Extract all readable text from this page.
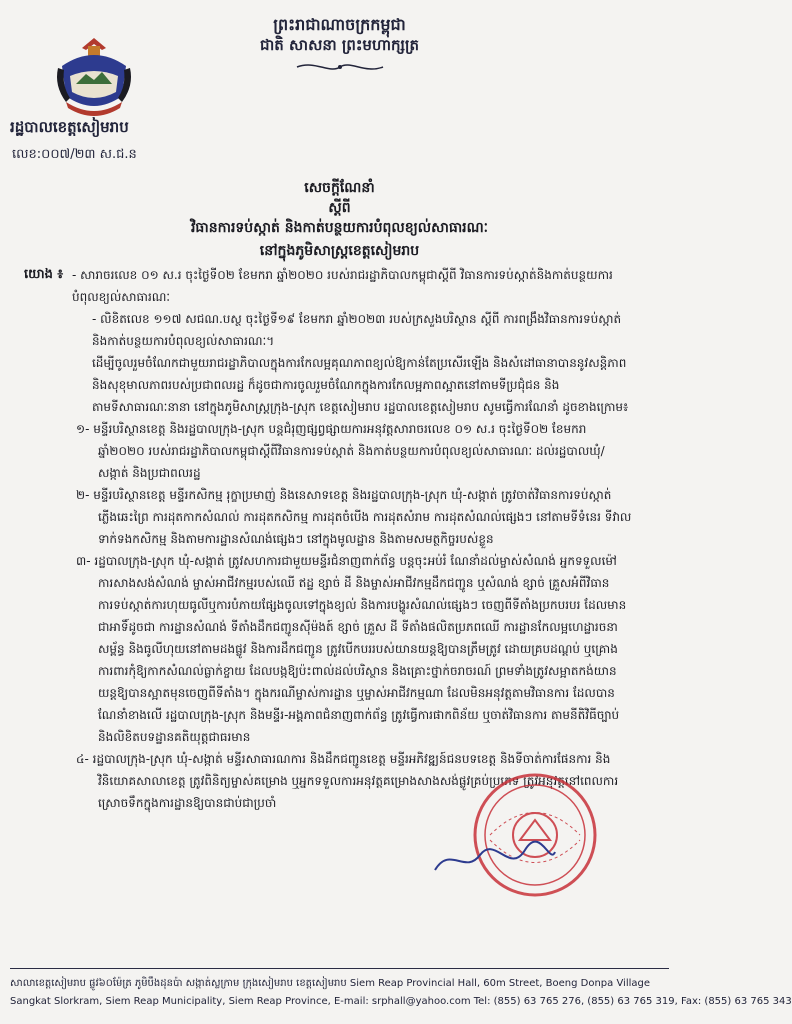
ព្រះរាជាណាចក្រកម្ពុជា
ជាតិ សាសនា ព្រះមហាក្សត្រ
រដ្ឋបាលខេត្តសៀមរាប
លេខ:០០៧/២៣ ស.ជ.ន
សេចក្ដីណែនាំ
ស្ដីពី
វិធានការទប់ស្កាត់ និងកាត់បន្ថយការបំពុលខ្យល់សាធារណៈ
នៅក្នុងភូមិសាស្ត្រខេត្តសៀមរាប
យោង ៖ - សារាចរលេខ ០១ ស.រ ចុះថ្ងៃទី០២ ខែមករា ឆ្នាំ២០២០ របស់រាជរដ្ឋាភិបាលកម្ពុជាស្ដីពី វិធានការទប់ស្កាត់និងកាត់បន្ថយការបំពុលខ្យល់សាធារណៈ

- លិខិតលេខ ១១៧ សជណ.បស្ថ ចុះថ្ងៃទី១៩ ខែមករា ឆ្នាំ២០២៣ របស់ក្រសួងបរិស្ថាន ស្ដីពី ការពង្រឹងវិធានការទប់ស្កាត់ និងកាត់បន្ថយការបំពុលខ្យល់សាធារណៈ។

ដើម្បីចូលរួមចំណែកជាមួយរាជរដ្ឋាភិបាលក្នុងការកែលម្អគុណភាពខ្យល់ឱ្យកាន់តែប្រសើរឡើង និងសំដៅធានាបាននូវសន្តិភាព និងសុខុមាលភាពរបស់ប្រជាពលរដ្ឋ ក៏ដូចជាការចូលរួមចំណែកក្នុងការកែលម្អភាពស្អាតនៅតាមទីប្រជុំជន និងតាមទីសាធារណៈនានា នៅក្នុងភូមិសាស្ត្រក្រុង-ស្រុក ខេត្តសៀមរាប រដ្ឋបាលខេត្តសៀមរាប សូមធ្វើការណែនាំ ដូចខាងក្រោម៖

១- មន្ទីរបរិស្ថានខេត្ត និងរដ្ឋបាលក្រុង-ស្រុក បន្តជំរុញផ្សព្វផ្សាយការអនុវត្តសារាចរលេខ ០១ ស.រ ចុះថ្ងៃទី០២ ខែមករា ឆ្នាំ២០២០ របស់រាជរដ្ឋាភិបាលកម្ពុជាស្ដីពីវិធានការទប់ស្កាត់ និងកាត់បន្ថយការបំពុលខ្យល់សាធារណៈ ដល់រដ្ឋបាលឃុំ/សង្កាត់ និងប្រជាពលរដ្ឋ

២- មន្ទីរបរិស្ថានខេត្ត មន្ទីរកសិកម្ម រុក្ខាប្រមាញ់ និងនេសាទខេត្ត និងរដ្ឋបាលក្រុង-ស្រុក ឃុំ-សង្កាត់ ត្រូវចាត់វិធានការទប់ស្កាត់ភ្លើងឆេះព្រៃ ការដុតកាកសំណល់ ការដុតកសិកម្ម ការដុតចំបើង ការដុតសំរាម ការដុតសំណល់ផ្សេងៗ នៅតាមទីទំនេរ ទីវាលទាក់ទងកសិកម្ម និងតាមការដ្ឋានសំណង់ផ្សេងៗ នៅក្នុងមូលដ្ឋាន និងតាមសមត្ថកិច្ចរបស់ខ្លួន

៣- រដ្ឋបាលក្រុង-ស្រុក ឃុំ-សង្កាត់ ត្រូវសហការជាមួយមន្ទីរជំនាញពាក់ព័ន្ធ បន្តចុះអប់រំ ណែនាំដល់ម្ចាស់សំណង់ អ្នកទទួលម៉ៅការសាងសង់សំណង់ ម្ចាស់អាជីវកម្មរបស់ឈើ ឥដ្ឋ ខ្សាច់ ដី និងម្ចាស់អាជីវកម្មដឹកជញ្ជូន ឬសំណង់ ខ្សាច់ គ្រួសអំពីវិធានការទប់ស្កាត់ការហុយធូលីឬការបំភាយផ្សែងចូលទៅក្នុងខ្យល់ និងការបង្ហូរសំណល់ផ្សេងៗ ចេញពីទីតាំងប្រកបរបរ ដែលមានជាអាទិ៍ដូចជា ការដ្ឋានសំណង់ ទីតាំងដឹកជញ្ជូនស៊ីម៉ងត៍ ខ្សាច់ គ្រួស ដី ទីតាំងផលិតប្រភពឈើ ការដ្ឋានកែលម្អហេដ្ឋារចនាសម្ព័ន្ធ និងធូលីហុយនៅតាមដងផ្លូវ និងការដឹកជញ្ជូន ត្រូវបើកបររបស់យានយន្តឱ្យបានត្រឹមត្រូវ ដោយគ្របដណ្តប់ ឬគ្រោងការពារកុំឱ្យកាកសំណល់ធ្លាក់ខ្ចាយ ដែលបង្កឱ្យប៉ះពាល់ដល់បរិស្ថាន និងគ្រោះថ្នាក់ចរាចរណ៍ ព្រមទាំងត្រូវសម្អាតកង់យានយន្តឱ្យបានស្អាតមុនចេញពីទីតាំង។ ក្នុងករណីម្ចាស់ការដ្ឋាន ឬម្ចាស់អាជីវកម្មណា ដែលមិនអនុវត្តតាមវិធានការ ដែលបានណែនាំខាងលើ រដ្ឋបាលក្រុង-ស្រុក និងមន្ទីរ-អង្គភាពជំនាញពាក់ព័ន្ធ ត្រូវធ្វើការផាកពិន័យ ឬចាត់វិធានការ តាមនីតិវិធីច្បាប់ និងលិខិតបទដ្ឋានគតិយុត្តជាធរមាន

៤- រដ្ឋបាលក្រុង-ស្រុក ឃុំ-សង្កាត់ មន្ទីរសាធារណការ និងដឹកជញ្ជូនខេត្ត មន្ទីរអភិវឌ្ឍន៍ជនបទខេត្ត និងទីចាត់ការផែនការ និងវិនិយោគសាលាខេត្ត ត្រូវពិនិត្យម្ចាស់គម្រោង ឬអ្នកទទួលការអនុវត្តគម្រោងសាងសង់ផ្លូវគ្រប់ប្រភេទ ត្រូវអនុវត្តនៅពេលការស្រោចទឹកក្នុងការដ្ឋានឱ្យបានជាប់ជាប្រចាំ

សាលាខេត្តសៀមរាប ផ្លូវ៦០ម៉ែត្រ ភូមិបឹងដុនប៉ា សង្កាត់ស្លក្រាម ក្រុងសៀមរាប ខេត្តសៀមរាប Siem Reap Provincial Hall, 60m Street, Boeng Donpa Village
Sangkat Slorkram, Siem Reap Municipality, Siem Reap Province, E-mail: srphall@yahoo.com Tel: (855) 63 765 276, (855) 63 765 319, Fax: (855) 63 765 343
